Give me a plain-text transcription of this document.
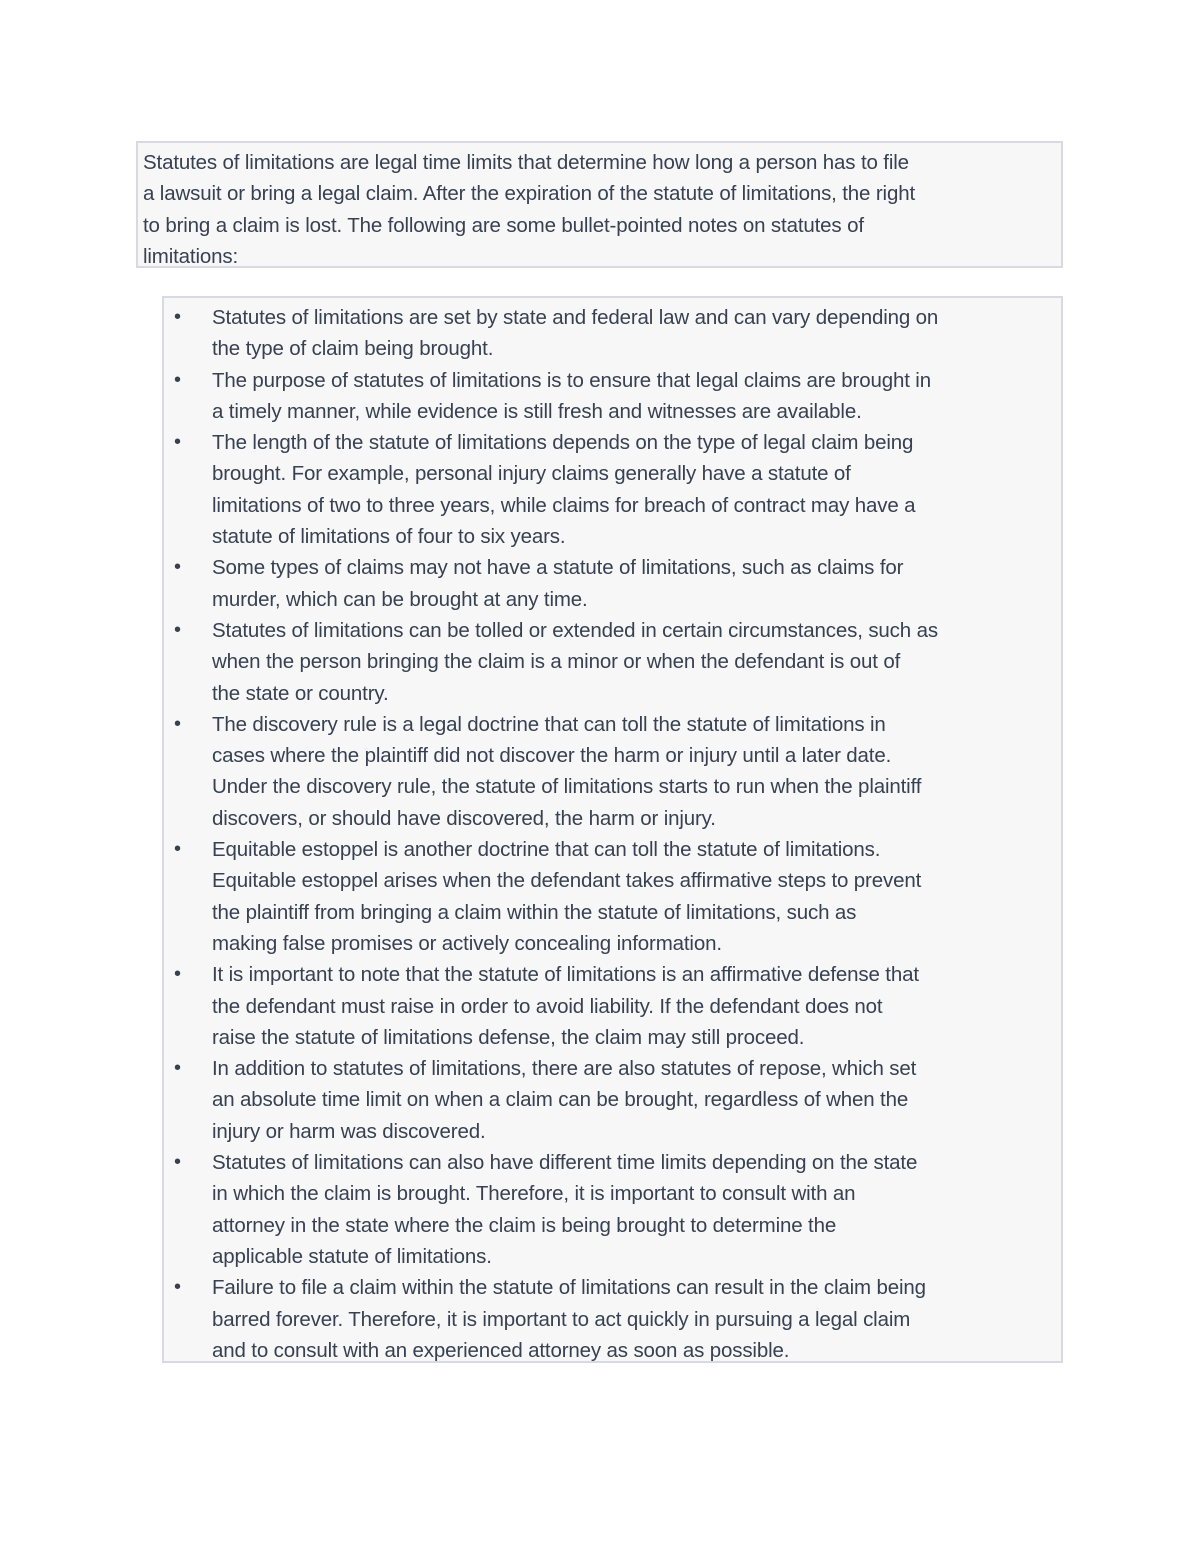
Statutes of limitations are legal time limits that determine how long a person has to file
a lawsuit or bring a legal claim. After the expiration of the statute of limitations, the right
to bring a claim is lost. The following are some bullet-pointed notes on statutes of
limitations:
• Statutes of limitations are set by state and federal law and can vary depending on
the type of claim being brought.
• The purpose of statutes of limitations is to ensure that legal claims are brought in
a timely manner, while evidence is still fresh and witnesses are available.
• The length of the statute of limitations depends on the type of legal claim being
brought. For example, personal injury claims generally have a statute of
limitations of two to three years, while claims for breach of contract may have a
statute of limitations of four to six years.
• Some types of claims may not have a statute of limitations, such as claims for
murder, which can be brought at any time.
• Statutes of limitations can be tolled or extended in certain circumstances, such as
when the person bringing the claim is a minor or when the defendant is out of
the state or country.
• The discovery rule is a legal doctrine that can toll the statute of limitations in
cases where the plaintiff did not discover the harm or injury until a later date.
Under the discovery rule, the statute of limitations starts to run when the plaintiff
discovers, or should have discovered, the harm or injury.
• Equitable estoppel is another doctrine that can toll the statute of limitations.
Equitable estoppel arises when the defendant takes affirmative steps to prevent
the plaintiff from bringing a claim within the statute of limitations, such as
making false promises or actively concealing information.
• It is important to note that the statute of limitations is an affirmative defense that
the defendant must raise in order to avoid liability. If the defendant does not
raise the statute of limitations defense, the claim may still proceed.
• In addition to statutes of limitations, there are also statutes of repose, which set
an absolute time limit on when a claim can be brought, regardless of when the
injury or harm was discovered.
• Statutes of limitations can also have different time limits depending on the state
in which the claim is brought. Therefore, it is important to consult with an
attorney in the state where the claim is being brought to determine the
applicable statute of limitations.
• Failure to file a claim within the statute of limitations can result in the claim being
barred forever. Therefore, it is important to act quickly in pursuing a legal claim
and to consult with an experienced attorney as soon as possible.
